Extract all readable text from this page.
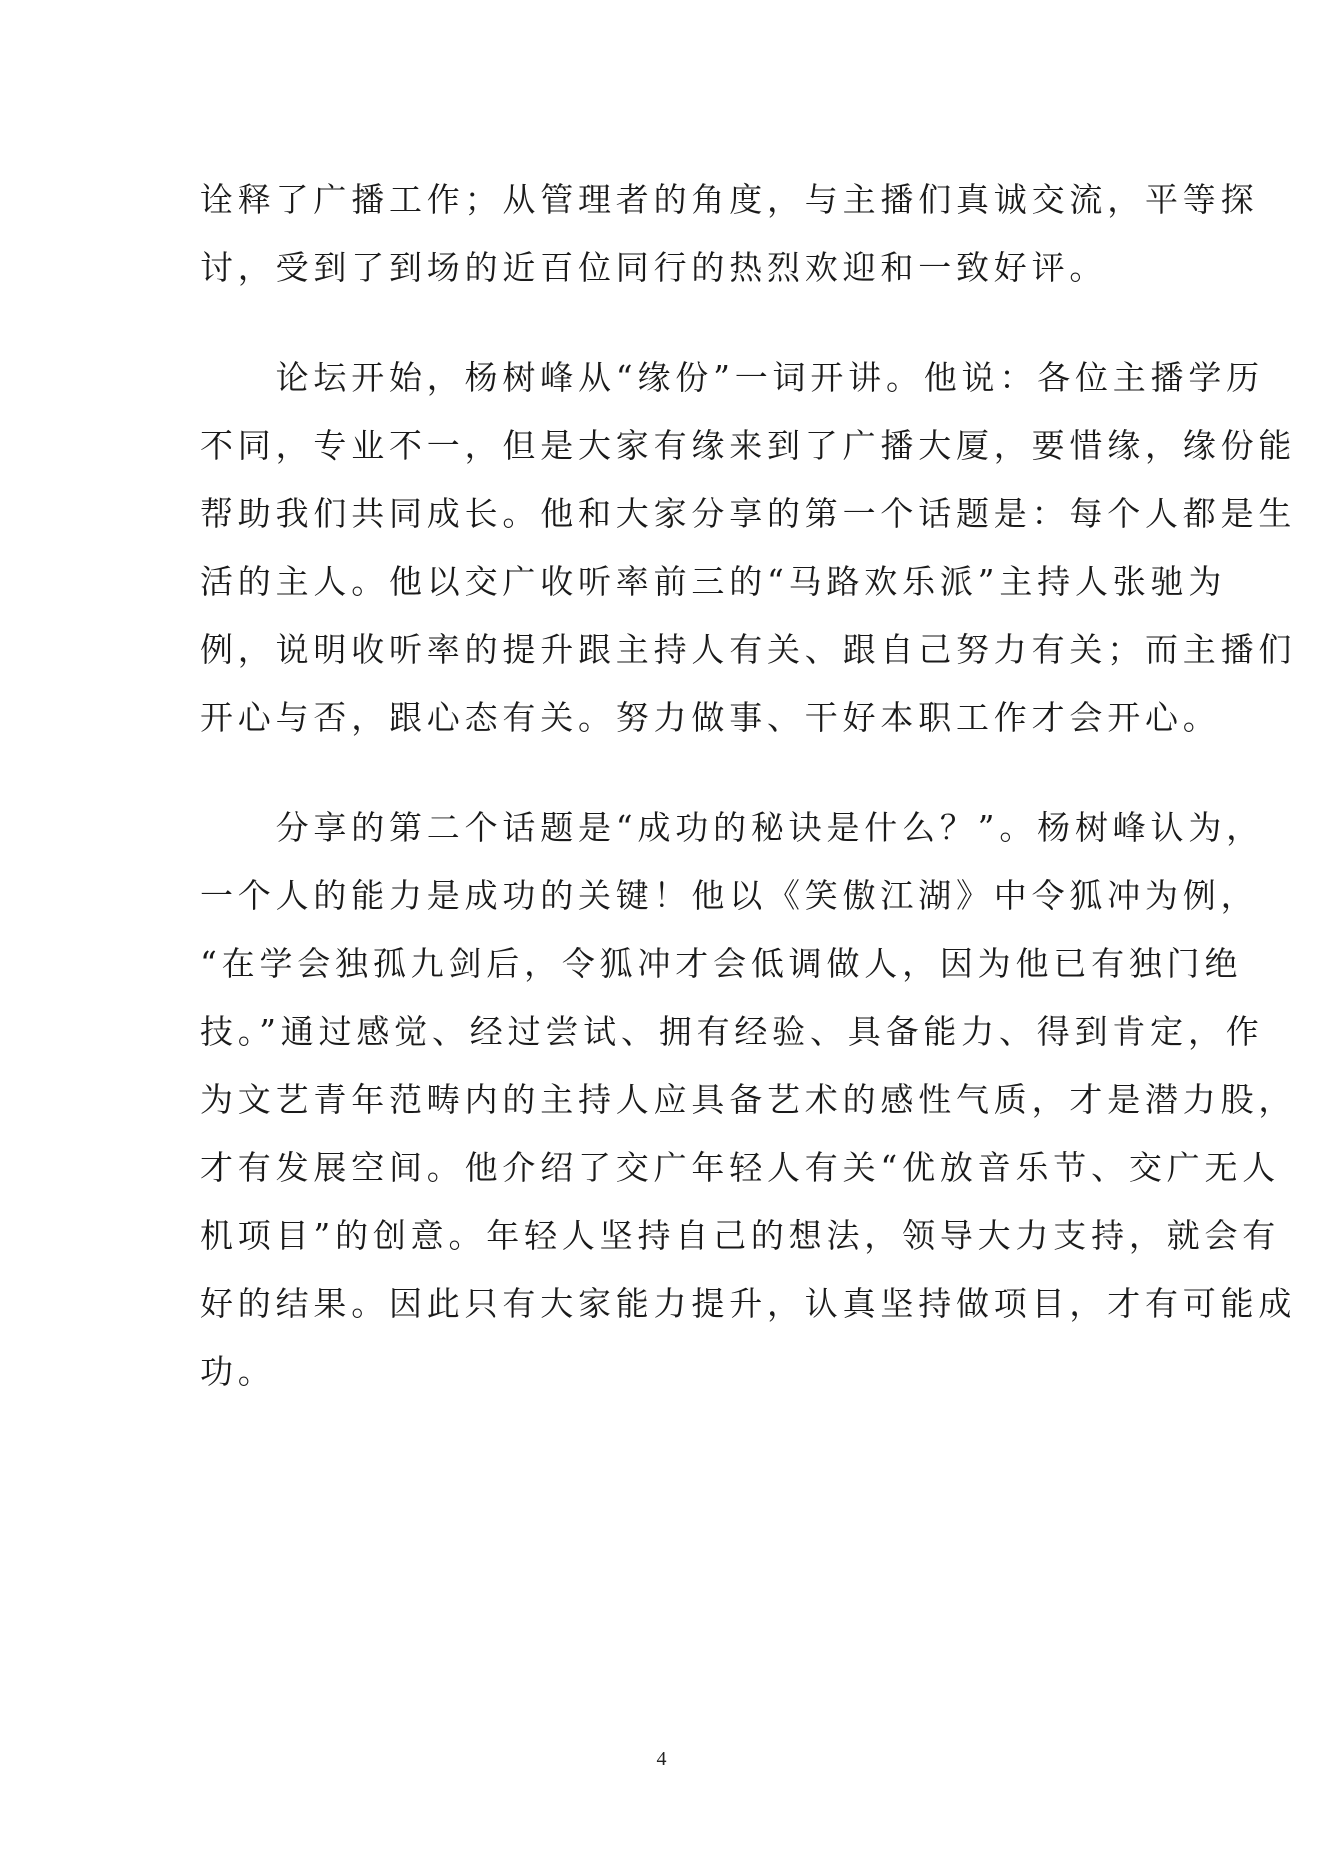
诠释了广播工作；从管理者的角度，与主播们真诚交流，平等探
讨，受到了到场的近百位同行的热烈欢迎和一致好评。
　　论坛开始，杨树峰从“缘份”一词开讲。他说：各位主播学历
不同，专业不一，但是大家有缘来到了广播大厦，要惜缘，缘份能
帮助我们共同成长。他和大家分享的第一个话题是：每个人都是生
活的主人。他以交广收听率前三的“马路欢乐派”主持人张驰为
例，说明收听率的提升跟主持人有关、跟自己努力有关；而主播们
开心与否，跟心态有关。努力做事、干好本职工作才会开心。
　　分享的第二个话题是“成功的秘诀是什么？”。杨树峰认为，
一个人的能力是成功的关键！他以《笑傲江湖》中令狐冲为例，
“在学会独孤九剑后，令狐冲才会低调做人，因为他已有独门绝
技。”通过感觉、经过尝试、拥有经验、具备能力、得到肯定，作
为文艺青年范畴内的主持人应具备艺术的感性气质，才是潜力股，
才有发展空间。他介绍了交广年轻人有关“优放音乐节、交广无人
机项目”的创意。年轻人坚持自己的想法，领导大力支持，就会有
好的结果。因此只有大家能力提升，认真坚持做项目，才有可能成
功。
4
